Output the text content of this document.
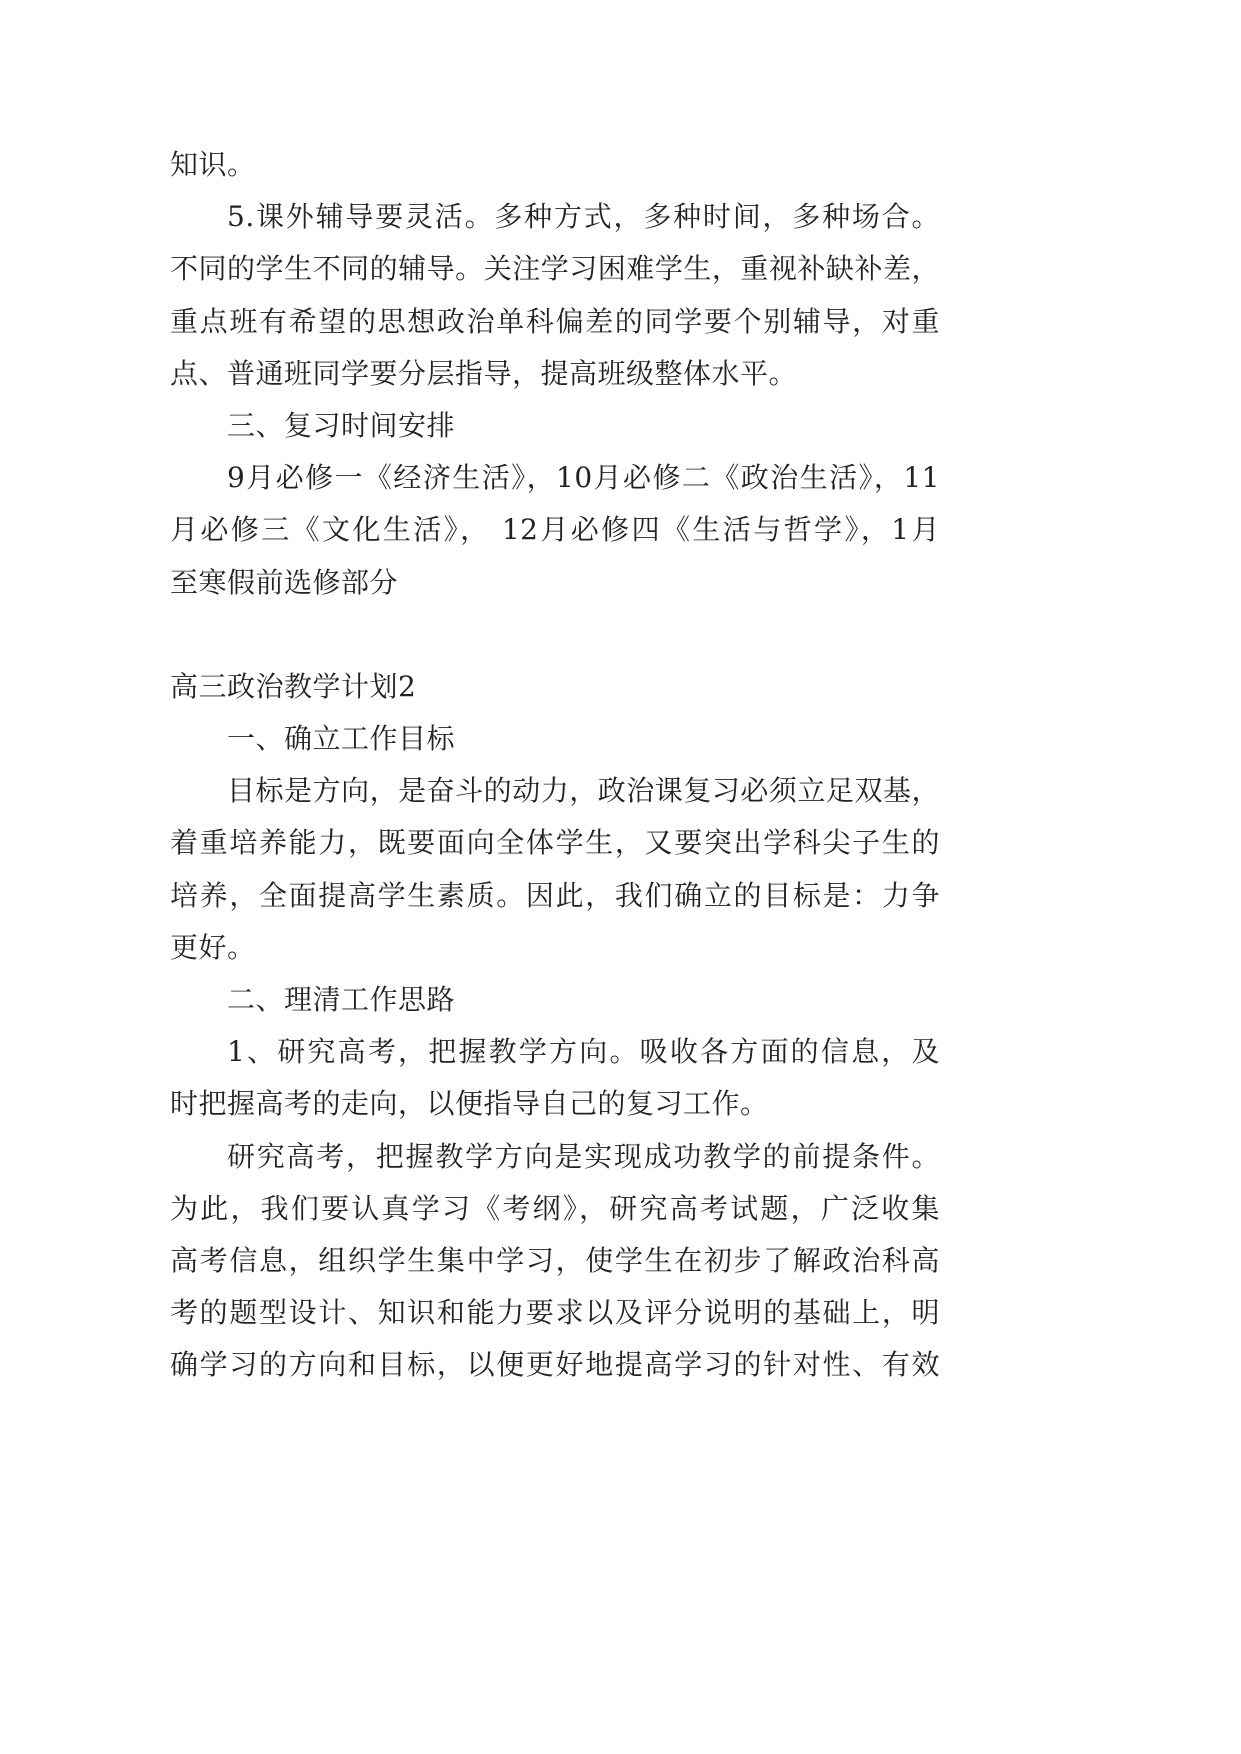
知识。
5.课外辅导要灵活。多种方式，多种时间，多种场合。
不同的学生不同的辅导。关注学习困难学生，重视补缺补差，
重点班有希望的思想政治单科偏差的同学要个别辅导，对重
点、普通班同学要分层指导，提高班级整体水平。
三、复习时间安排
9月必修一《经济生活》，10月必修二《政治生活》，11
月必修三《文化生活》， 12月必修四《生活与哲学》，1月
至寒假前选修部分
高三政治教学计划2
一、确立工作目标
目标是方向，是奋斗的动力，政治课复习必须立足双基，
着重培养能力，既要面向全体学生，又要突出学科尖子生的
培养，全面提高学生素质。因此，我们确立的目标是：力争
更好。
二、理清工作思路
1、研究高考，把握教学方向。吸收各方面的信息，及
时把握高考的走向，以便指导自己的复习工作。
研究高考，把握教学方向是实现成功教学的前提条件。
为此，我们要认真学习《考纲》，研究高考试题，广泛收集
高考信息，组织学生集中学习，使学生在初步了解政治科高
考的题型设计、知识和能力要求以及评分说明的基础上，明
确学习的方向和目标，以便更好地提高学习的针对性、有效
